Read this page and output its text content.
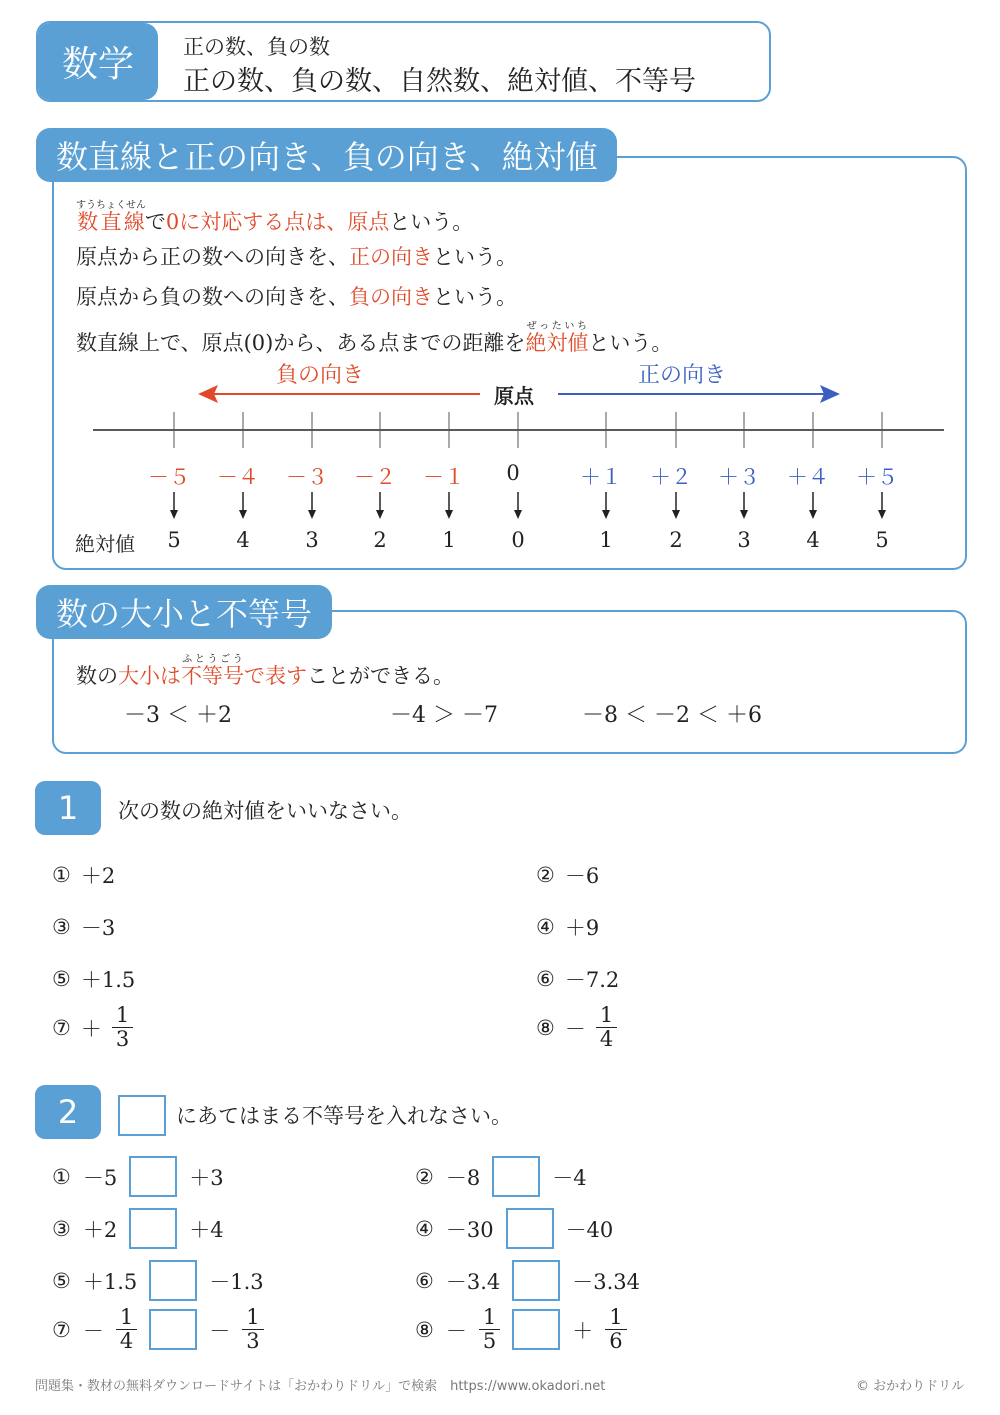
数学	正の数、負の数
正の数、負の数、自然数、絶対値、不等号
数直線と正の向き、負の向き、絶対値
数直線すうちょくせんで0に対応する点は、原点という。
原点から正の数への向きを、正の向きという。
原点から負の数への向きを、負の向きという。
数直線上で、原点(0)から、ある点までの距離を絶対値ぜったいちという。
負の向き
原点
正の向き
絶対値
－５
5
－４
4
－３
3
－２
2
－１
1
0
0
＋１
1
＋２
2
＋３
3
＋４
4
＋５
5
数の大小と不等号
数の大小は不等号ふとうごうで表すことができる。
－3 ＜ ＋2	－4 ＞ －7	－8 ＜ －2 ＜ ＋6
1	次の数の絶対値をいいなさい。
① ＋2	② －6
③ －3	④ ＋9
⑤ ＋1.5	⑥ －7.2
⑦ ＋ $\frac{1}{3}$	⑧ － $\frac{1}{4}$
2	にあてはまる不等号を入れなさい。
① －5	＋3	② －8	－4
③ ＋2	＋4	④ －30	－40
⑤ ＋1.5	－1.3	⑥ －3.4	－3.34
⑦ － $\frac{1}{4}$	－ $\frac{1}{3}$	⑧ － $\frac{1}{5}$	＋ $\frac{1}{6}$
問題集・教材の無料ダウンロードサイトは「おかわりドリル」で検索　https://www.okadori.net	© おかわりドリル
